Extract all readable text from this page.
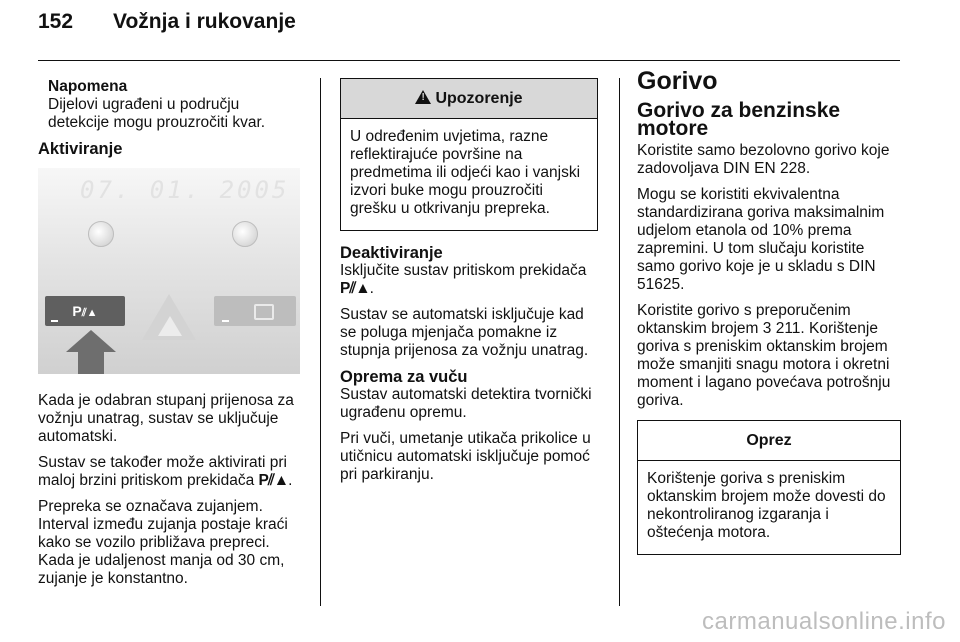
152 Vožnja i rukovanje
Napomena
Dijelovi ugrađeni u području detekcije mogu prouzročiti kvar.
Aktiviranje
07. 01. 2005
P⫽▲

Kada je odabran stupanj prijenosa za vožnju unatrag, sustav se uključuje automatski.

Sustav se također može aktivirati pri maloj brzini pritiskom prekidača P⫽▲.

Prepreka se označava zujanjem. Interval između zujanja postaje kraći kako se vozilo približava prepreci. Kada je udaljenost manja od 30 cm, zujanje je konstantno.

!Upozorenje
U određenim uvjetima, razne reflektirajuće površine na predmetima ili odjeći kao i vanjski izvori buke mogu prouzročiti grešku u otkrivanju prepreka.
Deaktiviranje

Isključite sustav pritiskom prekidača P⫽▲.

Sustav se automatski isključuje kad se poluga mjenjača pomakne iz stupnja prijenosa za vožnju unatrag.

Oprema za vuču

Sustav automatski detektira tvornički ugrađenu opremu.

Pri vuči, umetanje utikača prikolice u utičnicu automatski isključuje pomoć pri parkiranju.

Gorivo
Gorivo za benzinske motore

Koristite samo bezolovno gorivo koje zadovoljava DIN EN 228.

Mogu se koristiti ekvivalentna standardizirana goriva maksimalnim udjelom etanola od 10% prema zapremini. U tom slučaju koristite samo gorivo koje je u skladu s DIN 51625.

Koristite gorivo s preporučenim oktanskim brojem 3 211. Korištenje goriva s preniskim oktanskim brojem može smanjiti snagu motora i okretni moment i lagano povećava potrošnju goriva.

Oprez
Korištenje goriva s preniskim oktanskim brojem može dovesti do nekontroliranog izgaranja i oštećenja motora.
carmanualsonline.info
